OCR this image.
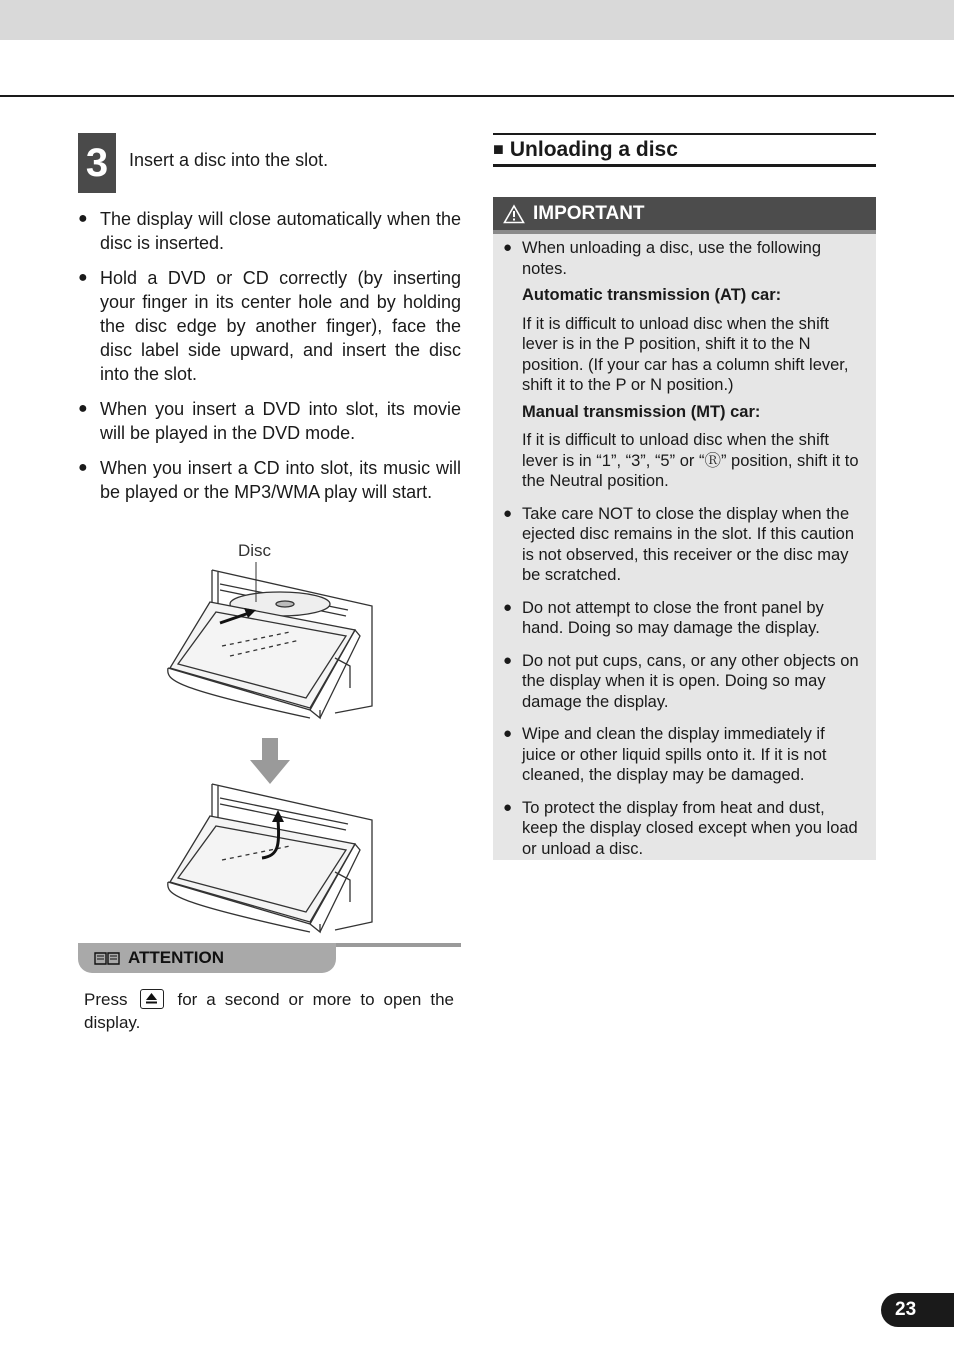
3	Insert a disc into the slot.
● The display will close automatically when the disc is inserted.
● Hold a DVD or CD correctly (by inserting your finger in its center hole and by holding the disc edge by another finger), face the disc label side upward, and insert the disc into the slot.
● When you insert a DVD into slot, its movie will be played in the DVD mode.
● When you insert a CD into slot, its music will be played or the MP3/WMA play will start.
Disc
ATTENTION
Press	for a second or more to open the display.
■ Unloading a disc
IMPORTANT
● When unloading a disc, use the following notes.
Automatic transmission (AT) car:
If it is difficult to unload disc when the shift lever is in the P position, shift it to the N position. (If your car has a column shift lever, shift it to the P or N position.)
Manual transmission (MT) car:
If it is difficult to unload disc when the shift lever is in “1”, “3”, “5” or “Ⓡ” position, shift it to the Neutral position.
● Take care NOT to close the display when the ejected disc remains in the slot. If this caution is not observed, this receiver or the disc may be scratched.
● Do not attempt to close the front panel by hand. Doing so may damage the display.
● Do not put cups, cans, or any other objects on the display when it is open. Doing so may damage the display.
● Wipe and clean the display immediately if juice or other liquid spills onto it. If it is not cleaned, the display may be damaged.
● To protect the display from heat and dust, keep the display closed except when you load or unload a disc.
23
